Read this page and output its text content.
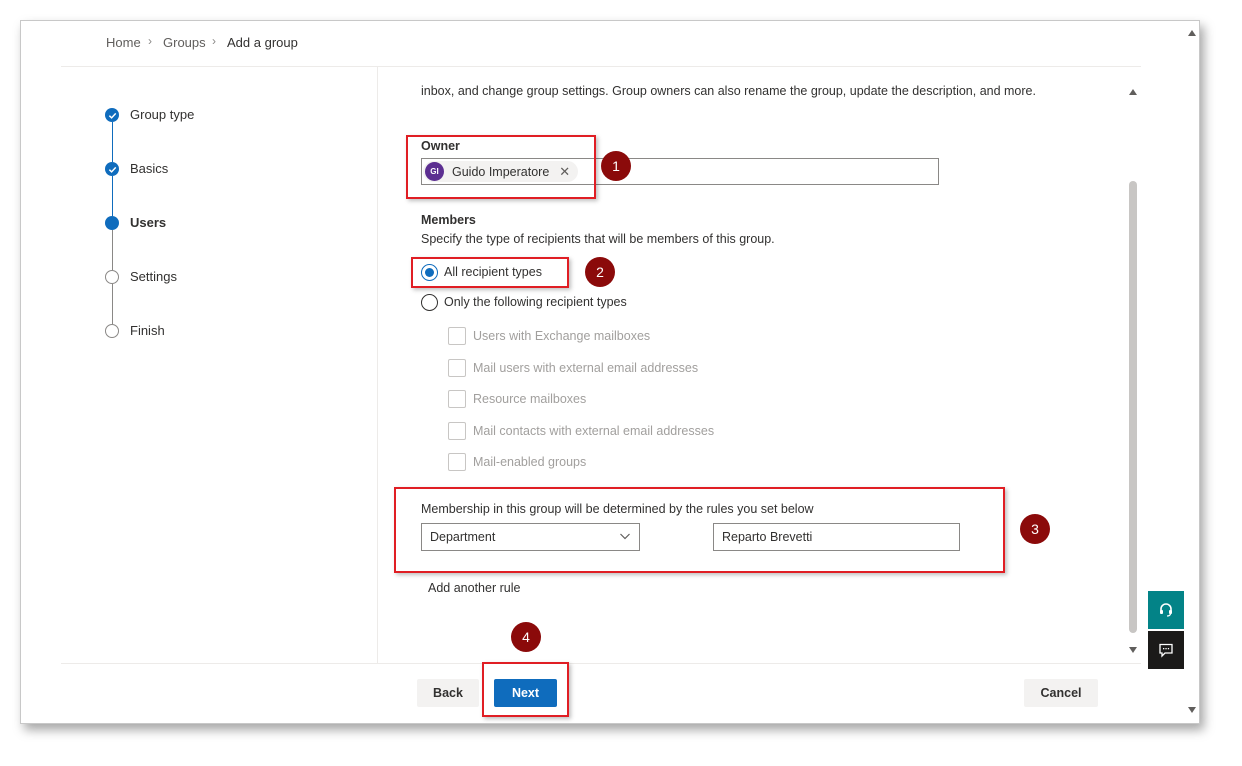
Home › Groups › Add a group
Group type
Basics
Users
Settings
Finish
inbox, and change group settings. Group owners can also rename the group, update the description, and more.
Owner
GI	Guido Imperatore ✕	1
Members
Specify the type of recipients that will be members of this group.
All recipient types	2
Only the following recipient types
Users with Exchange mailboxes
Mail users with external email addresses
Resource mailboxes
Mail contacts with external email addresses
Mail-enabled groups
Membership in this group will be determined by the rules you set below
Department	Reparto Brevetti	3
Add another rule
4
Back	Next	Cancel
